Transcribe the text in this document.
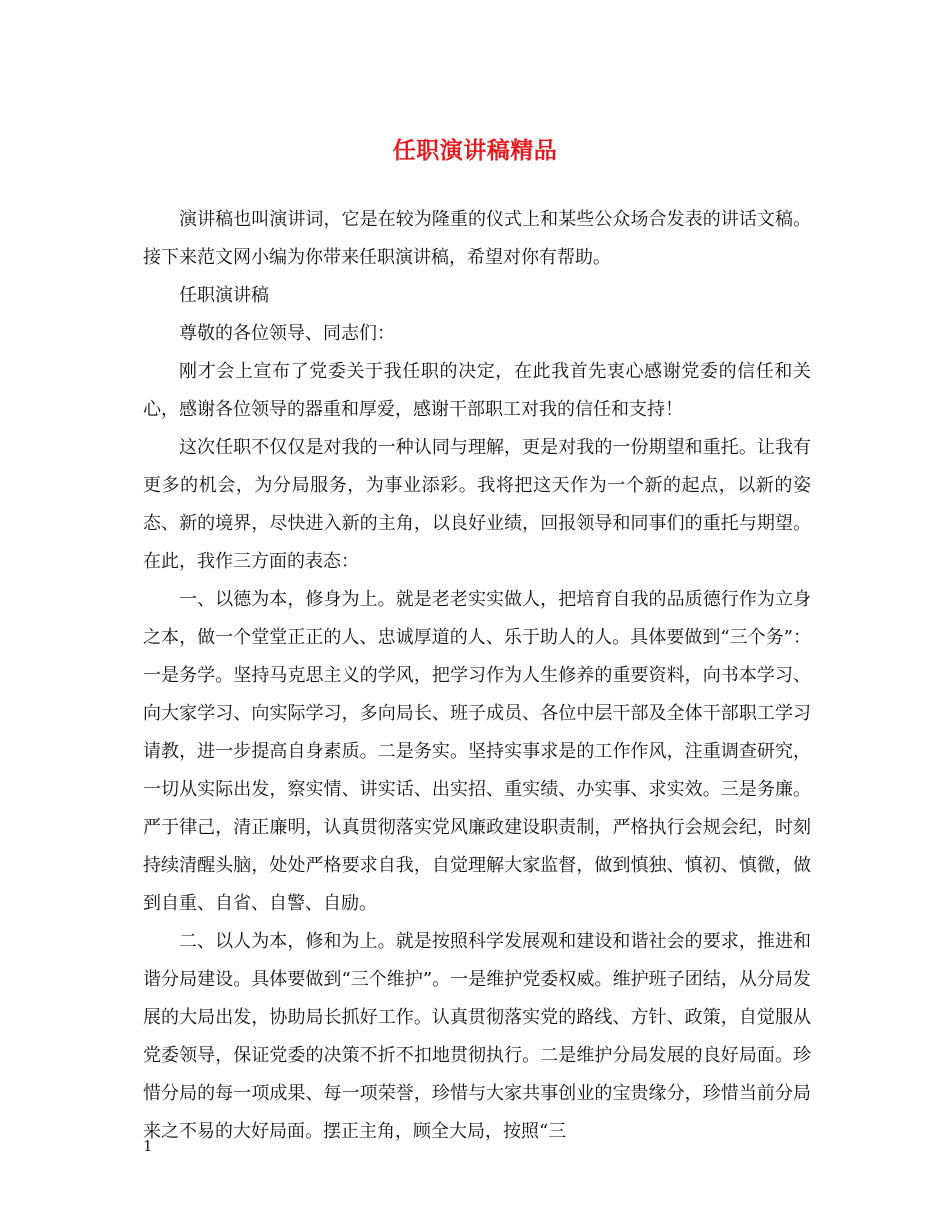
任职演讲稿精品

演讲稿也叫演讲词，它是在较为隆重的仪式上和某些公众场合发表的讲话文稿。接下来范文网小编为你带来任职演讲稿，希望对你有帮助。

任职演讲稿

尊敬的各位领导、同志们：

刚才会上宣布了党委关于我任职的决定，在此我首先衷心感谢党委的信任和关心，感谢各位领导的器重和厚爱，感谢干部职工对我的信任和支持！

这次任职不仅仅是对我的一种认同与理解，更是对我的一份期望和重托。让我有更多的机会，为分局服务，为事业添彩。我将把这天作为一个新的起点，以新的姿态、新的境界，尽快进入新的主角，以良好业绩，回报领导和同事们的重托与期望。在此，我作三方面的表态：

一、以德为本，修身为上。就是老老实实做人，把培育自我的品质德行作为立身之本，做一个堂堂正正的人、忠诚厚道的人、乐于助人的人。具体要做到“三个务”：一是务学。坚持马克思主义的学风，把学习作为人生修养的重要资料，向书本学习、向大家学习、向实际学习，多向局长、班子成员、各位中层干部及全体干部职工学习请教，进一步提高自身素质。二是务实。坚持实事求是的工作作风，注重调查研究，一切从实际出发，察实情、讲实话、出实招、重实绩、办实事、求实效。三是务廉。严于律己，清正廉明，认真贯彻落实党风廉政建设职责制，严格执行会规会纪，时刻持续清醒头脑，处处严格要求自我，自觉理解大家监督，做到慎独、慎初、慎微，做到自重、自省、自警、自励。

二、以人为本，修和为上。就是按照科学发展观和建设和谐社会的要求，推进和谐分局建设。具体要做到“三个维护”。一是维护党委权威。维护班子团结，从分局发展的大局出发，协助局长抓好工作。认真贯彻落实党的路线、方针、政策，自觉服从党委领导，保证党委的决策不折不扣地贯彻执行。二是维护分局发展的良好局面。珍惜分局的每一项成果、每一项荣誉，珍惜与大家共事创业的宝贵缘分，珍惜当前分局来之不易的大好局面。摆正主角，顾全大局，按照“三

1
